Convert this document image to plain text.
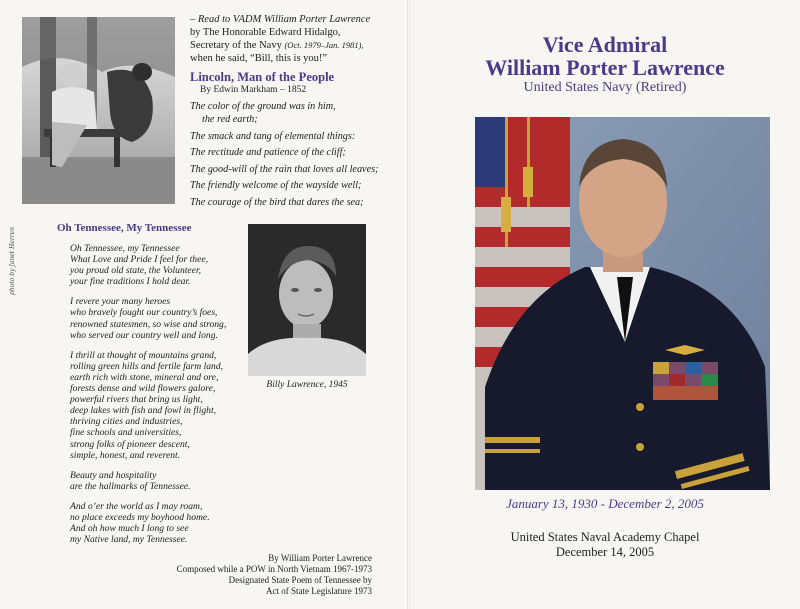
photo by Janet Herren
– Read to VADM William Porter Lawrence
by The Honorable Edward Hidalgo,
Secretary of the Navy (Oct. 1979–Jan. 1981),
when he said, “Bill, this is you!”
Lincoln, Man of the People
By Edwin Markham – 1852

The color of the ground was in him,

the red earth;

The smack and tang of elemental things:

The rectitude and patience of the cliff;

The good-will of the rain that loves all leaves;

The friendly welcome of the wayside well;

The courage of the bird that dares the sea;

Oh Tennessee, My Tennessee
Oh Tennessee, my Tennessee
What Love and Pride I feel for thee,
you proud old state, the Volunteer,
your fine traditions I hold dear.
I revere your many heroes
who bravely fought our country’s foes,
renowned statesmen, so wise and strong,
who served our country well and long.
I thrill at thought of mountains grand,
rolling green hills and fertile farm land,
earth rich with stone, mineral and ore,
forests dense and wild flowers galore,
powerful rivers that bring us light,
deep lakes with fish and fowl in flight,
thriving cities and industries,
fine schools and universities,
strong folks of pioneer descent,
simple, honest, and reverent.
Beauty and hospitality
are the hallmarks of Tennessee.
And o’er the world as I may roam,
no place exceeds my boyhood home.
And oh how much I long to see
my Native land, my Tennessee.
Billy Lawrence, 1945
By William Porter Lawrence
Composed while a POW in North Vietnam 1967-1973
Designated State Poem of Tennessee by
Act of State Legislature 1973
Vice Admiral
William Porter Lawrence
United States Navy (Retired)
January 13, 1930 - December 2, 2005
United States Naval Academy Chapel
December 14, 2005
